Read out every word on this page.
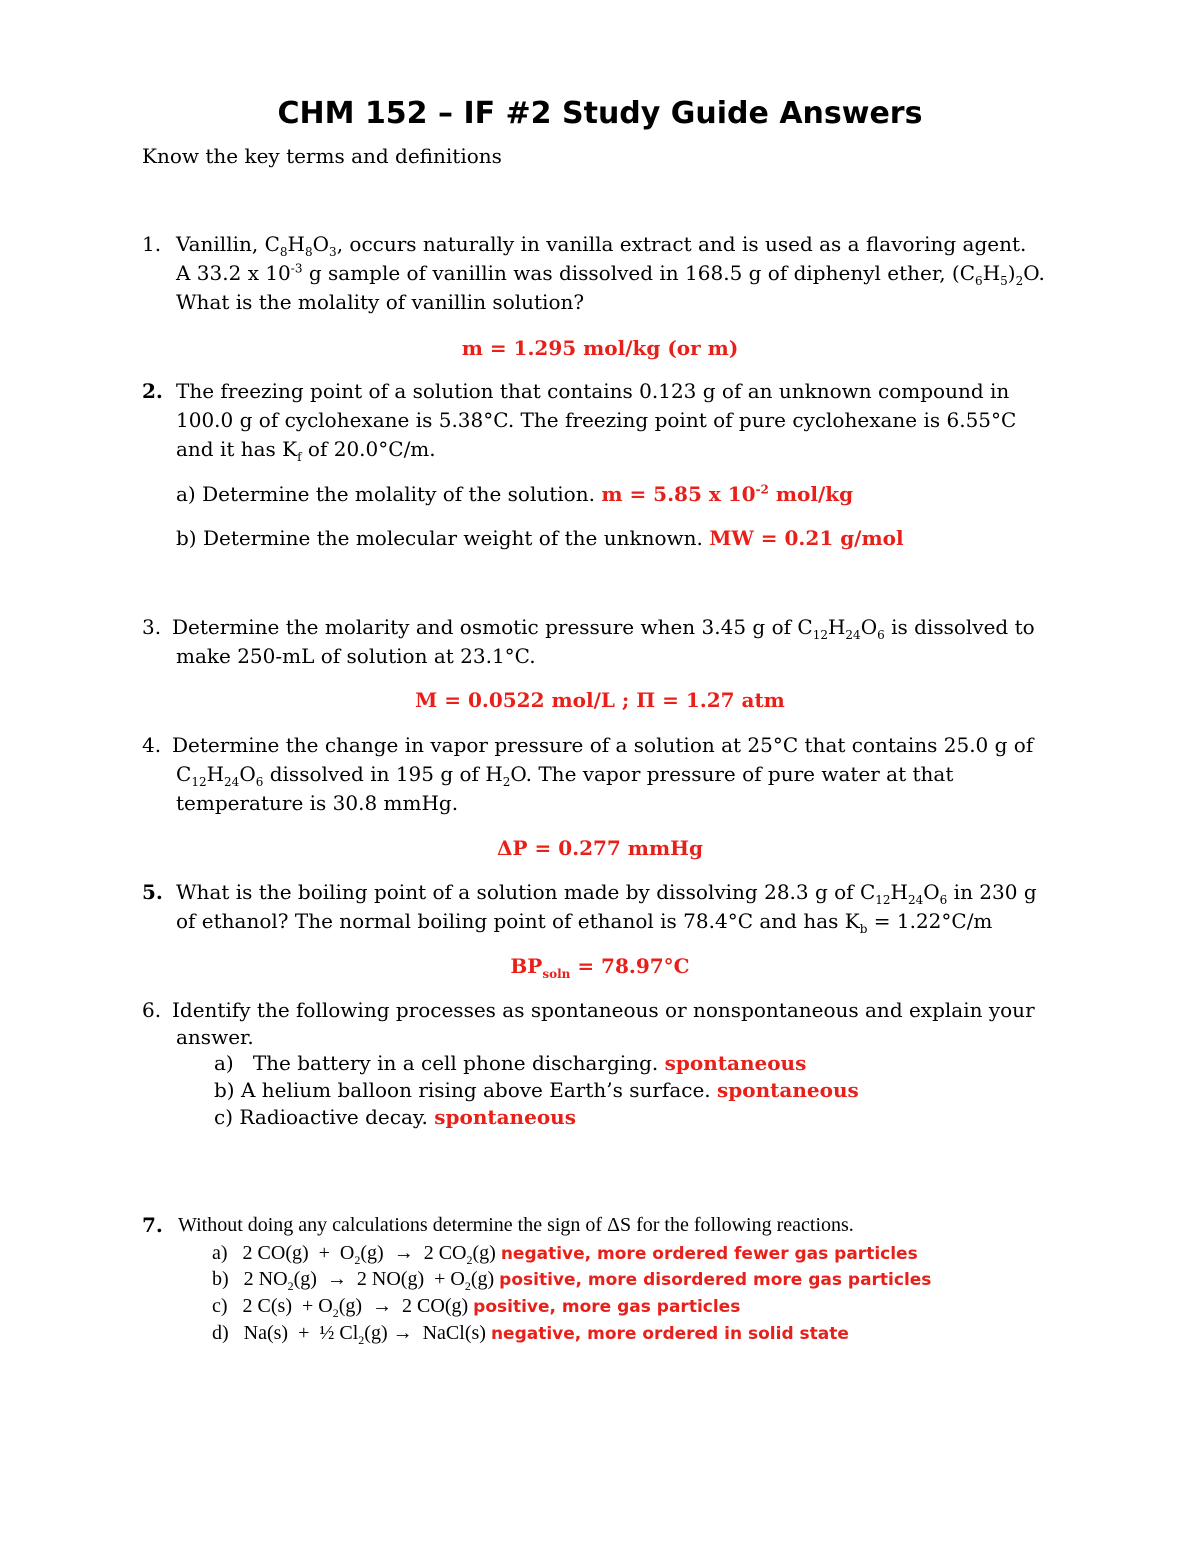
CHM 152 – IF #2 Study Guide Answers
Know the key terms and definitions
1. Vanillin, $C_8H_8O_3$, occurs naturally in vanilla extract and is used as a flavoring agent.
A 33.2 x $10^{-3}$ g sample of vanillin was dissolved in 168.5 g of diphenyl ether, $(C_6H_5)_2O$.
What is the molality of vanillin solution?
m = 1.295 mol/kg (or m)
2. The freezing point of a solution that contains 0.123 g of an unknown compound in
100.0 g of cyclohexane is 5.38°C. The freezing point of pure cyclohexane is 6.55°C
and it has $K_f$ of 20.0°C/m.
a) Determine the molality of the solution. m = 5.85 x $10^{-2}$ mol/kg
b) Determine the molecular weight of the unknown. MW = 0.21 g/mol
3. Determine the molarity and osmotic pressure when 3.45 g of $C_{12}H_{24}O_6$ is dissolved to
make 250-mL of solution at 23.1°C.
M = 0.0522 mol/L ; Π = 1.27 atm
4. Determine the change in vapor pressure of a solution at 25°C that contains 25.0 g of
$C_{12}H_{24}O_6$ dissolved in 195 g of $H_2O$. The vapor pressure of pure water at that
temperature is 30.8 mmHg.
ΔP = 0.277 mmHg
5. What is the boiling point of a solution made by dissolving 28.3 g of $C_{12}H_{24}O_6$ in 230 g
of ethanol? The normal boiling point of ethanol is 78.4°C and has $K_b = 1.22^\circ C/m$
$BP_{soln} = 78.97^\circ C$
6. Identify the following processes as spontaneous or nonspontaneous and explain your
answer.
a) The battery in a cell phone discharging. spontaneous
b) A helium balloon rising above Earth’s surface. spontaneous
c) Radioactive decay. spontaneous
7. Without doing any calculations determine the sign of ΔS for the following reactions.
a)   2 $CO(g) + O_2(g) \to 2$ $CO_2(g)$ negative, more ordered fewer gas particles
b)   2 $NO_2(g) \to 2$ $NO(g) + O_2(g)$ positive, more disordered more gas particles
c)   2 $C(s) + O_2(g) \to 2$ CO(g) positive, more gas particles
d)   Na(s)  +  ½ $Cl_2(g)$ →  NaCl(s) negative, more ordered in solid state
